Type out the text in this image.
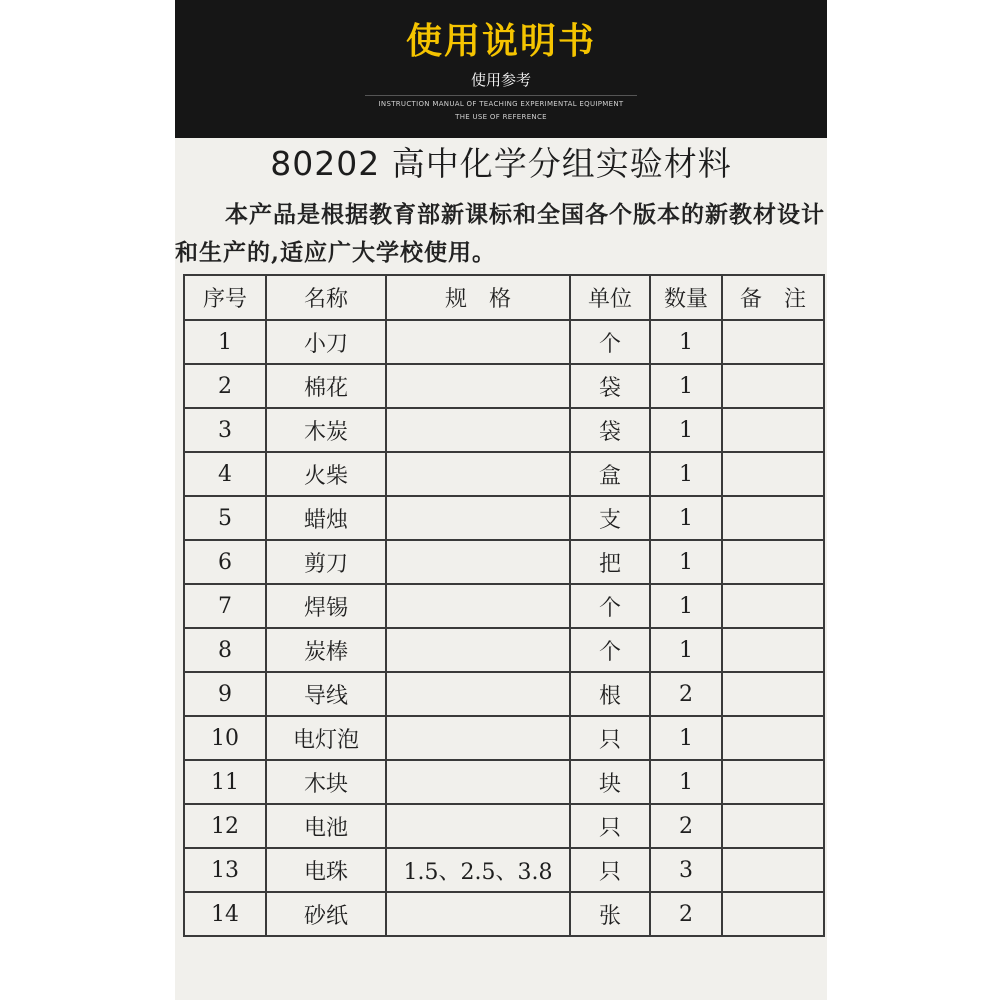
使用说明书
使用参考
INSTRUCTION MANUAL OF TEACHING EXPERIMENTAL EQUIPMENT
THE USE OF REFERENCE
80202 高中化学分组实验材料

本产品是根据教育部新课标和全国各个版本的新教材设计和生产的,适应广大学校使用。

序号	名称	规　格	单位	数量	备　注
1	小刀		个	1	
2	棉花		袋	1	
3	木炭		袋	1	
4	火柴		盒	1	
5	蜡烛		支	1	
6	剪刀		把	1	
7	焊锡		个	1	
8	炭棒		个	1	
9	导线		根	2	
10	电灯泡		只	1	
11	木块		块	1	
12	电池		只	2	
13	电珠	1.5、2.5、3.8	只	3	
14	砂纸		张	2	
